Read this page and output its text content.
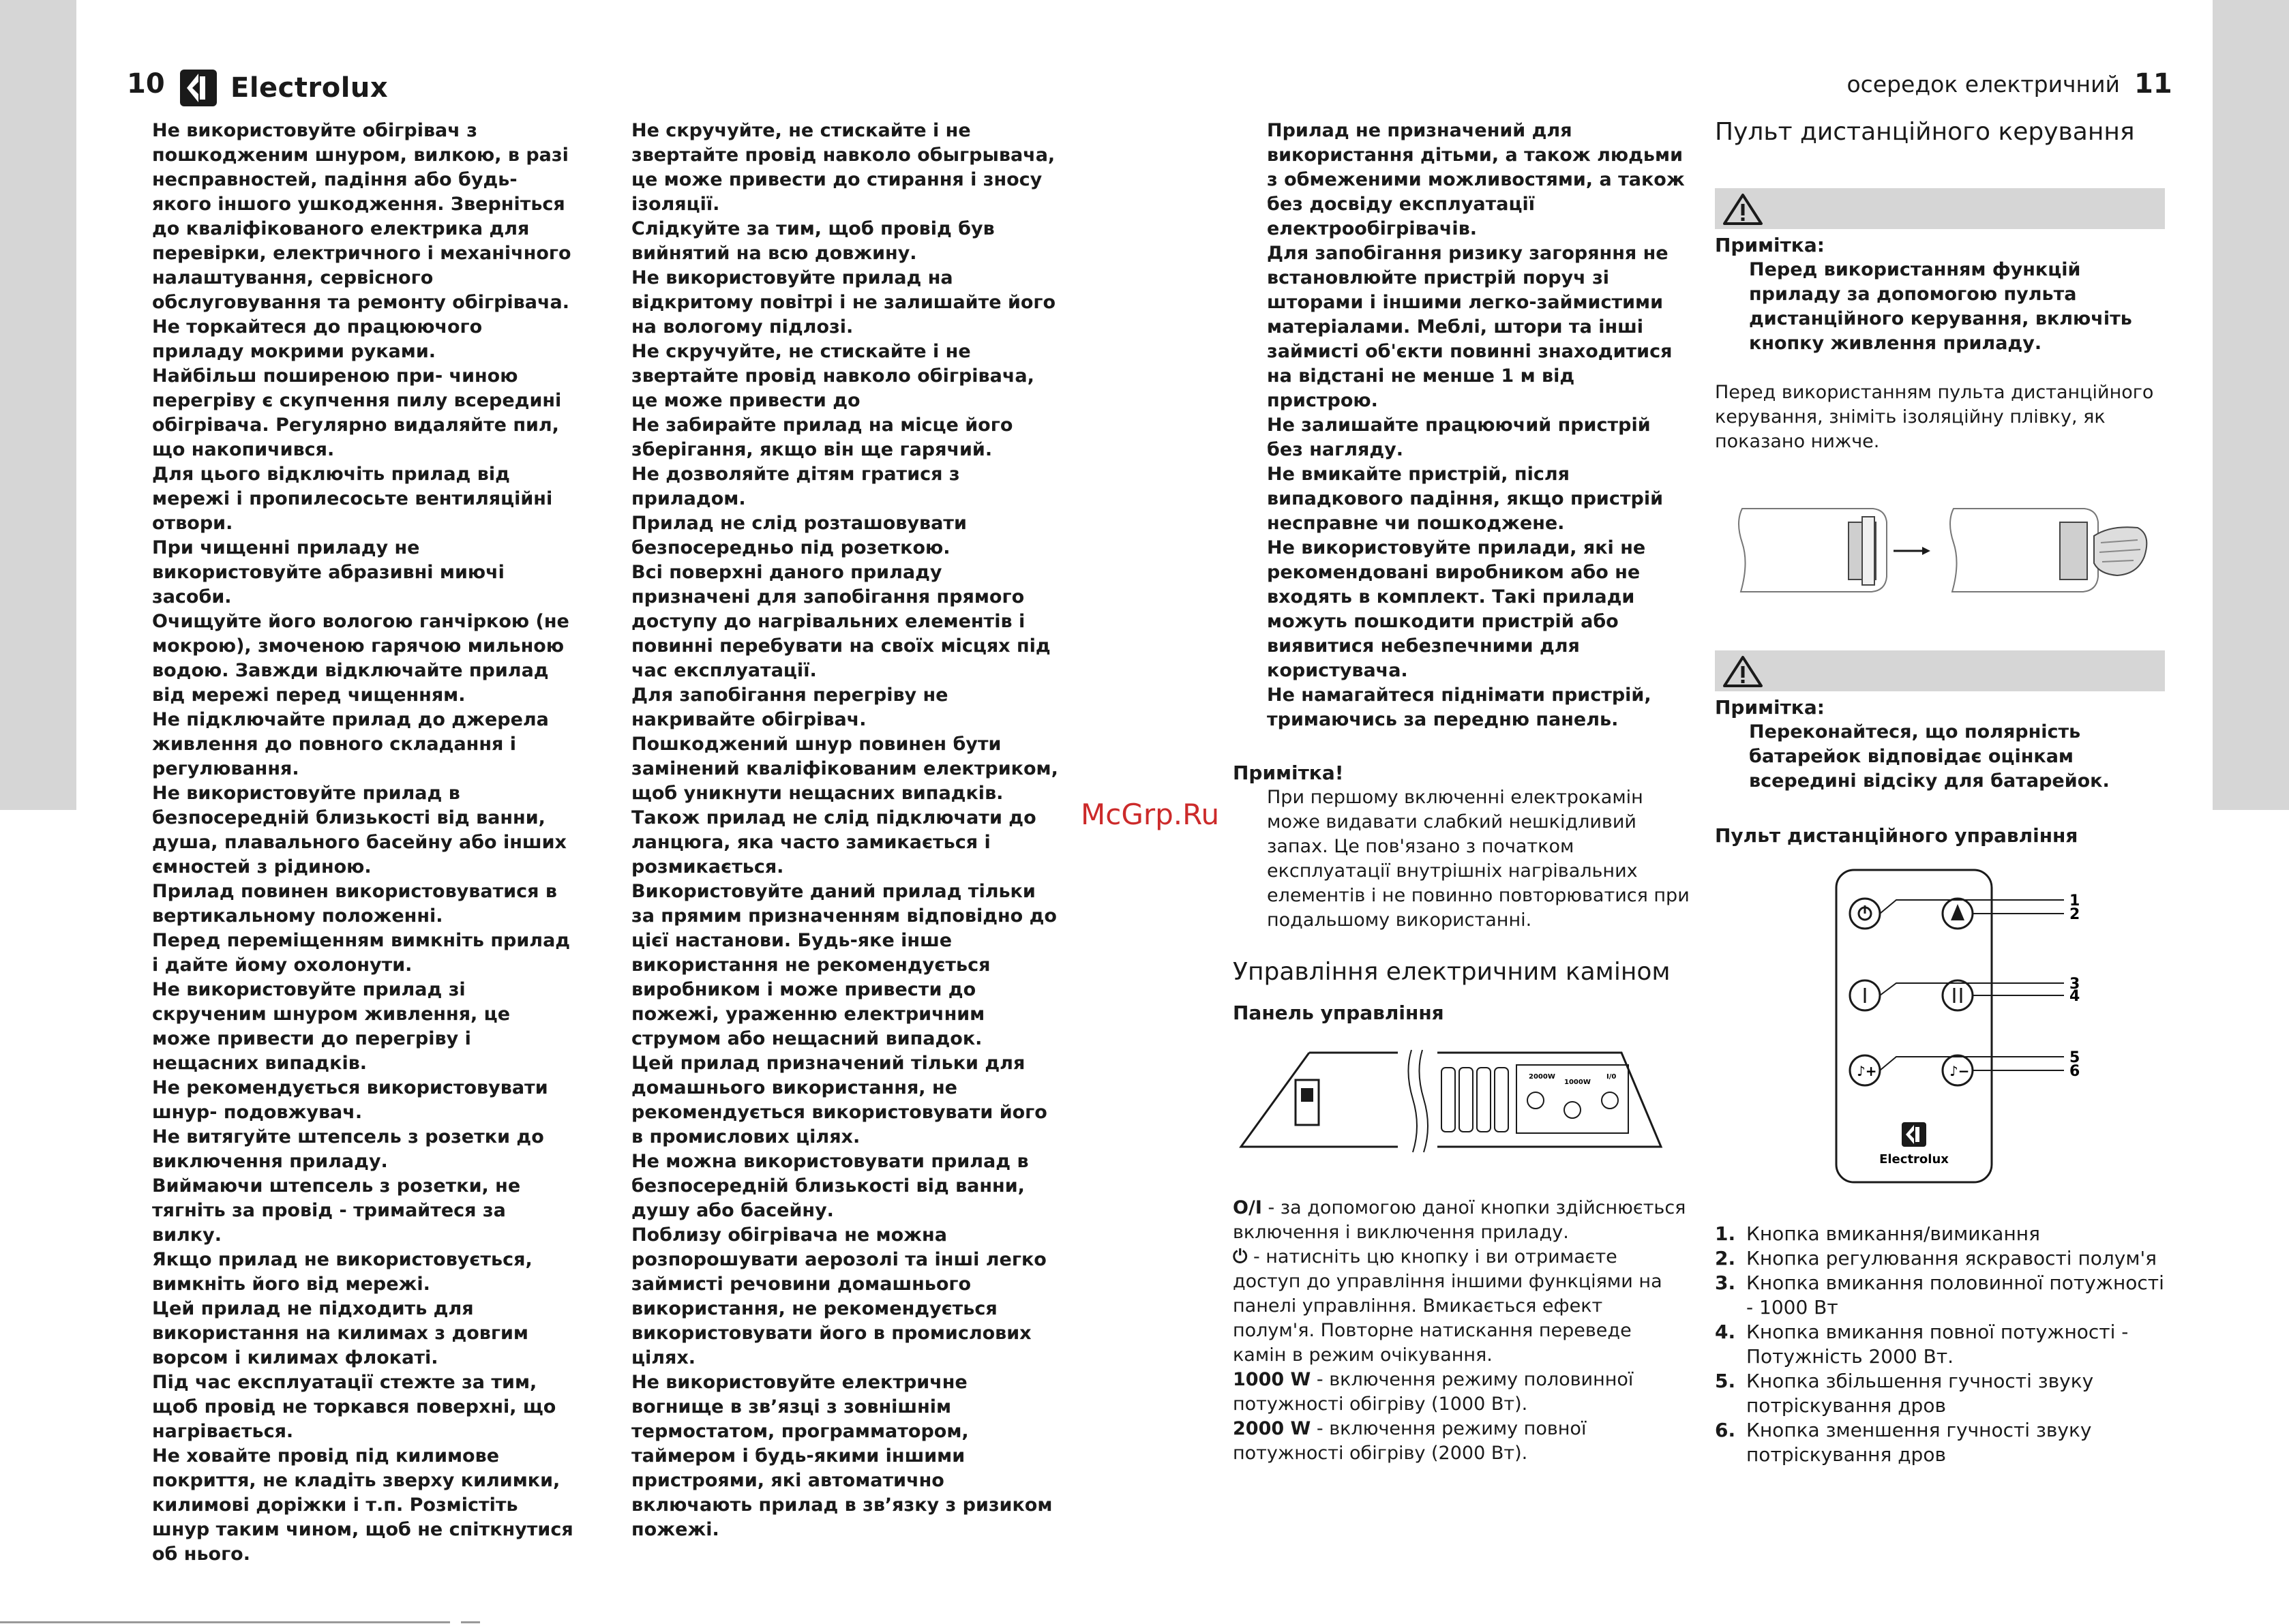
10 Electrolux	осередок електричний 11

Не використовуйте обігрівач з пошкодженим шнуром, вилкою, в разі несправностей, падіння або будь-якого іншого ушкодження. Зверніться до кваліфікованого електрика для перевірки, електричного і механічного налаштування, сервісного обслуговування та ремонту обігрівача.

Не торкайтеся до працюючого приладу мокрими руками.

Найбільш поширеною при- чиною перегріву є скупчення пилу всередині обігрівача. Регулярно видаляйте пил, що накопичився.

Для цього відключіть прилад від мережі і пропилесосьте вентиляційні отвори.

При чищенні приладу не використовуйте абразивні миючі засоби.

Очищуйте його вологою ганчіркою (не мокрою), змоченою гарячою мильною водою. Завжди відключайте прилад від мережі перед чищенням.

Не підключайте прилад до джерела живлення до повного складання і регулювання.

Не використовуйте прилад в безпосередній близькості від ванни, душа, плавального басейну або інших ємностей з рідиною.

Прилад повинен використовуватися в вертикальному положенні.

Перед переміщенням вимкніть прилад і дайте йому охолонути.

Не використовуйте прилад зі скрученим шнуром живлення, це може привести до перегріву і нещасних випадків.

Не рекомендується використовувати шнур- подовжувач.

Не витягуйте штепсель з розетки до виключення приладу.

Виймаючи штепсель з розетки, не тягніть за провід - тримайтеся за вилку.

Якщо прилад не використовується, вимкніть його від мережі.

Цей прилад не підходить для використання на килимах з довгим ворсом і килимах флокаті.

Під час експлуатації стежте за тим, щоб провід не торкався поверхні, що нагрівається.

Не ховайте провід під килимове покриття, не кладіть зверху килимки, килимові доріжки і т.п. Розмістіть шнур таким чином, щоб не спіткнутися об нього.

Не скручуйте, не стискайте і не звертайте провід навколо обыгрывача, це може привести до стирання і зносу ізоляції.

Слідкуйте за тим, щоб провід був вийнятий на всю довжину.

Не використовуйте прилад на відкритому повітрі і не залишайте його на вологому підлозі.

Не скручуйте, не стискайте і не звертайте провід навколо обігрівача, це може привести до

Не забирайте прилад на місце його зберігання, якщо він ще гарячий.

Не дозволяйте дітям гратися з приладом.

Прилад не слід розташовувати безпосередньо під розеткою.

Всі поверхні даного приладу призначені для запобігання прямого доступу до нагрівальних елементів і повинні перебувати на своїх місцях під час експлуатації.

Для запобігання перегріву не накривайте обігрівач.

Пошкоджений шнур повинен бути замінений кваліфікованим електриком, щоб уникнути нещасних випадків.

Також прилад не слід підключати до ланцюга, яка часто замикається і розмикається.

Використовуйте даний прилад тільки за прямим призначенням відповідно до цієї настанови. Будь-яке інше використання не рекомендується виробником і може привести до пожежі, ураженню електричним струмом або нещасний випадок.

Цей прилад призначений тільки для домашнього використання, не рекомендується використовувати його в промислових цілях.

Не можна використовувати прилад в безпосередній близькості від ванни, душу або басейну.

Поблизу обігрівача не можна розпорошувати аерозолі та інші легко займисті речовини домашнього використання, не рекомендується використовувати його в промислових цілях.

Не використовуйте електричне вогнище в звʼязці з зовнішнім термостатом, программатором, таймером і будь-якими іншими пристроями, які автоматично включають прилад в звʼязку з ризиком пожежі.

Прилад не призначений для використання дітьми, а також людьми з обмеженими можливостями, а також без досвіду експлуатації електрообігрівачів.

Для запобігання ризику загоряння не встановлюйте пристрій поруч зі шторами і іншими легко-займистими матеріалами. Меблі, штори та інші займисті об'єкти повинні знаходитися на відстані не менше 1 м від пристрою.

Не залишайте працюючий пристрій без нагляду.

Не вмикайте пристрій, після випадкового падіння, якщо пристрій несправне чи пошкоджене.

Не використовуйте прилади, які не рекомендовані виробником або не входять в комплект. Такі прилади можуть пошкодити пристрій або виявитися небезпечними для користувача.

Не намагайтеся піднімати пристрій, тримаючись за передню панель.

Примітка!

При першому включенні електрокамін може видавати слабкий нешкідливий запах. Це пов'язано з початком експлуатації внутрішніх нагрівальних елементів і не повинно повторюватися при подальшому використанні.

Управління електричним каміном
Панель управління
2000W
1000W
I/0

O/I - за допомогою даної кнопки здійснюється включення і виключення приладу.

⏻ - натисніть цю кнопку і ви отримаєте доступ до управління іншими функціями на панелі управління. Вмикається ефект полум'я. Повторне натискання переведе камін в режим очікування.

1000 W - включення режиму половинної потужності обігріву (1000 Вт).

2000 W - включення режиму повної потужності обігріву (2000 Вт).

Пульт дистанційного керування
Примітка:

Перед використанням функцій приладу за допомогою пульта дистанційного керування, включіть кнопку живлення приладу.

Перед використанням пульта дистанційного керування, зніміть ізоляційну плівку, як показано нижче.

Примітка:

Переконайтеся, що полярність батарейок відповідає оцінкам всередині відсіку для батарейок.

Пульт дистанційного управління
♪+	♪−
1
2
3
4
5
6
Electrolux
1. Кнопка вмикання/вимикання
2. Кнопка регулювання яскравості полум'я
3. Кнопка вмикання половинної потужності - 1000 Вт
4. Кнопка вмикання повної потужності - Потужність 2000 Вт.
5. Кнопка збільшення гучності звуку потріскування дров
6. Кнопка зменшення гучності звуку потріскування дров
McGrp.Ru
